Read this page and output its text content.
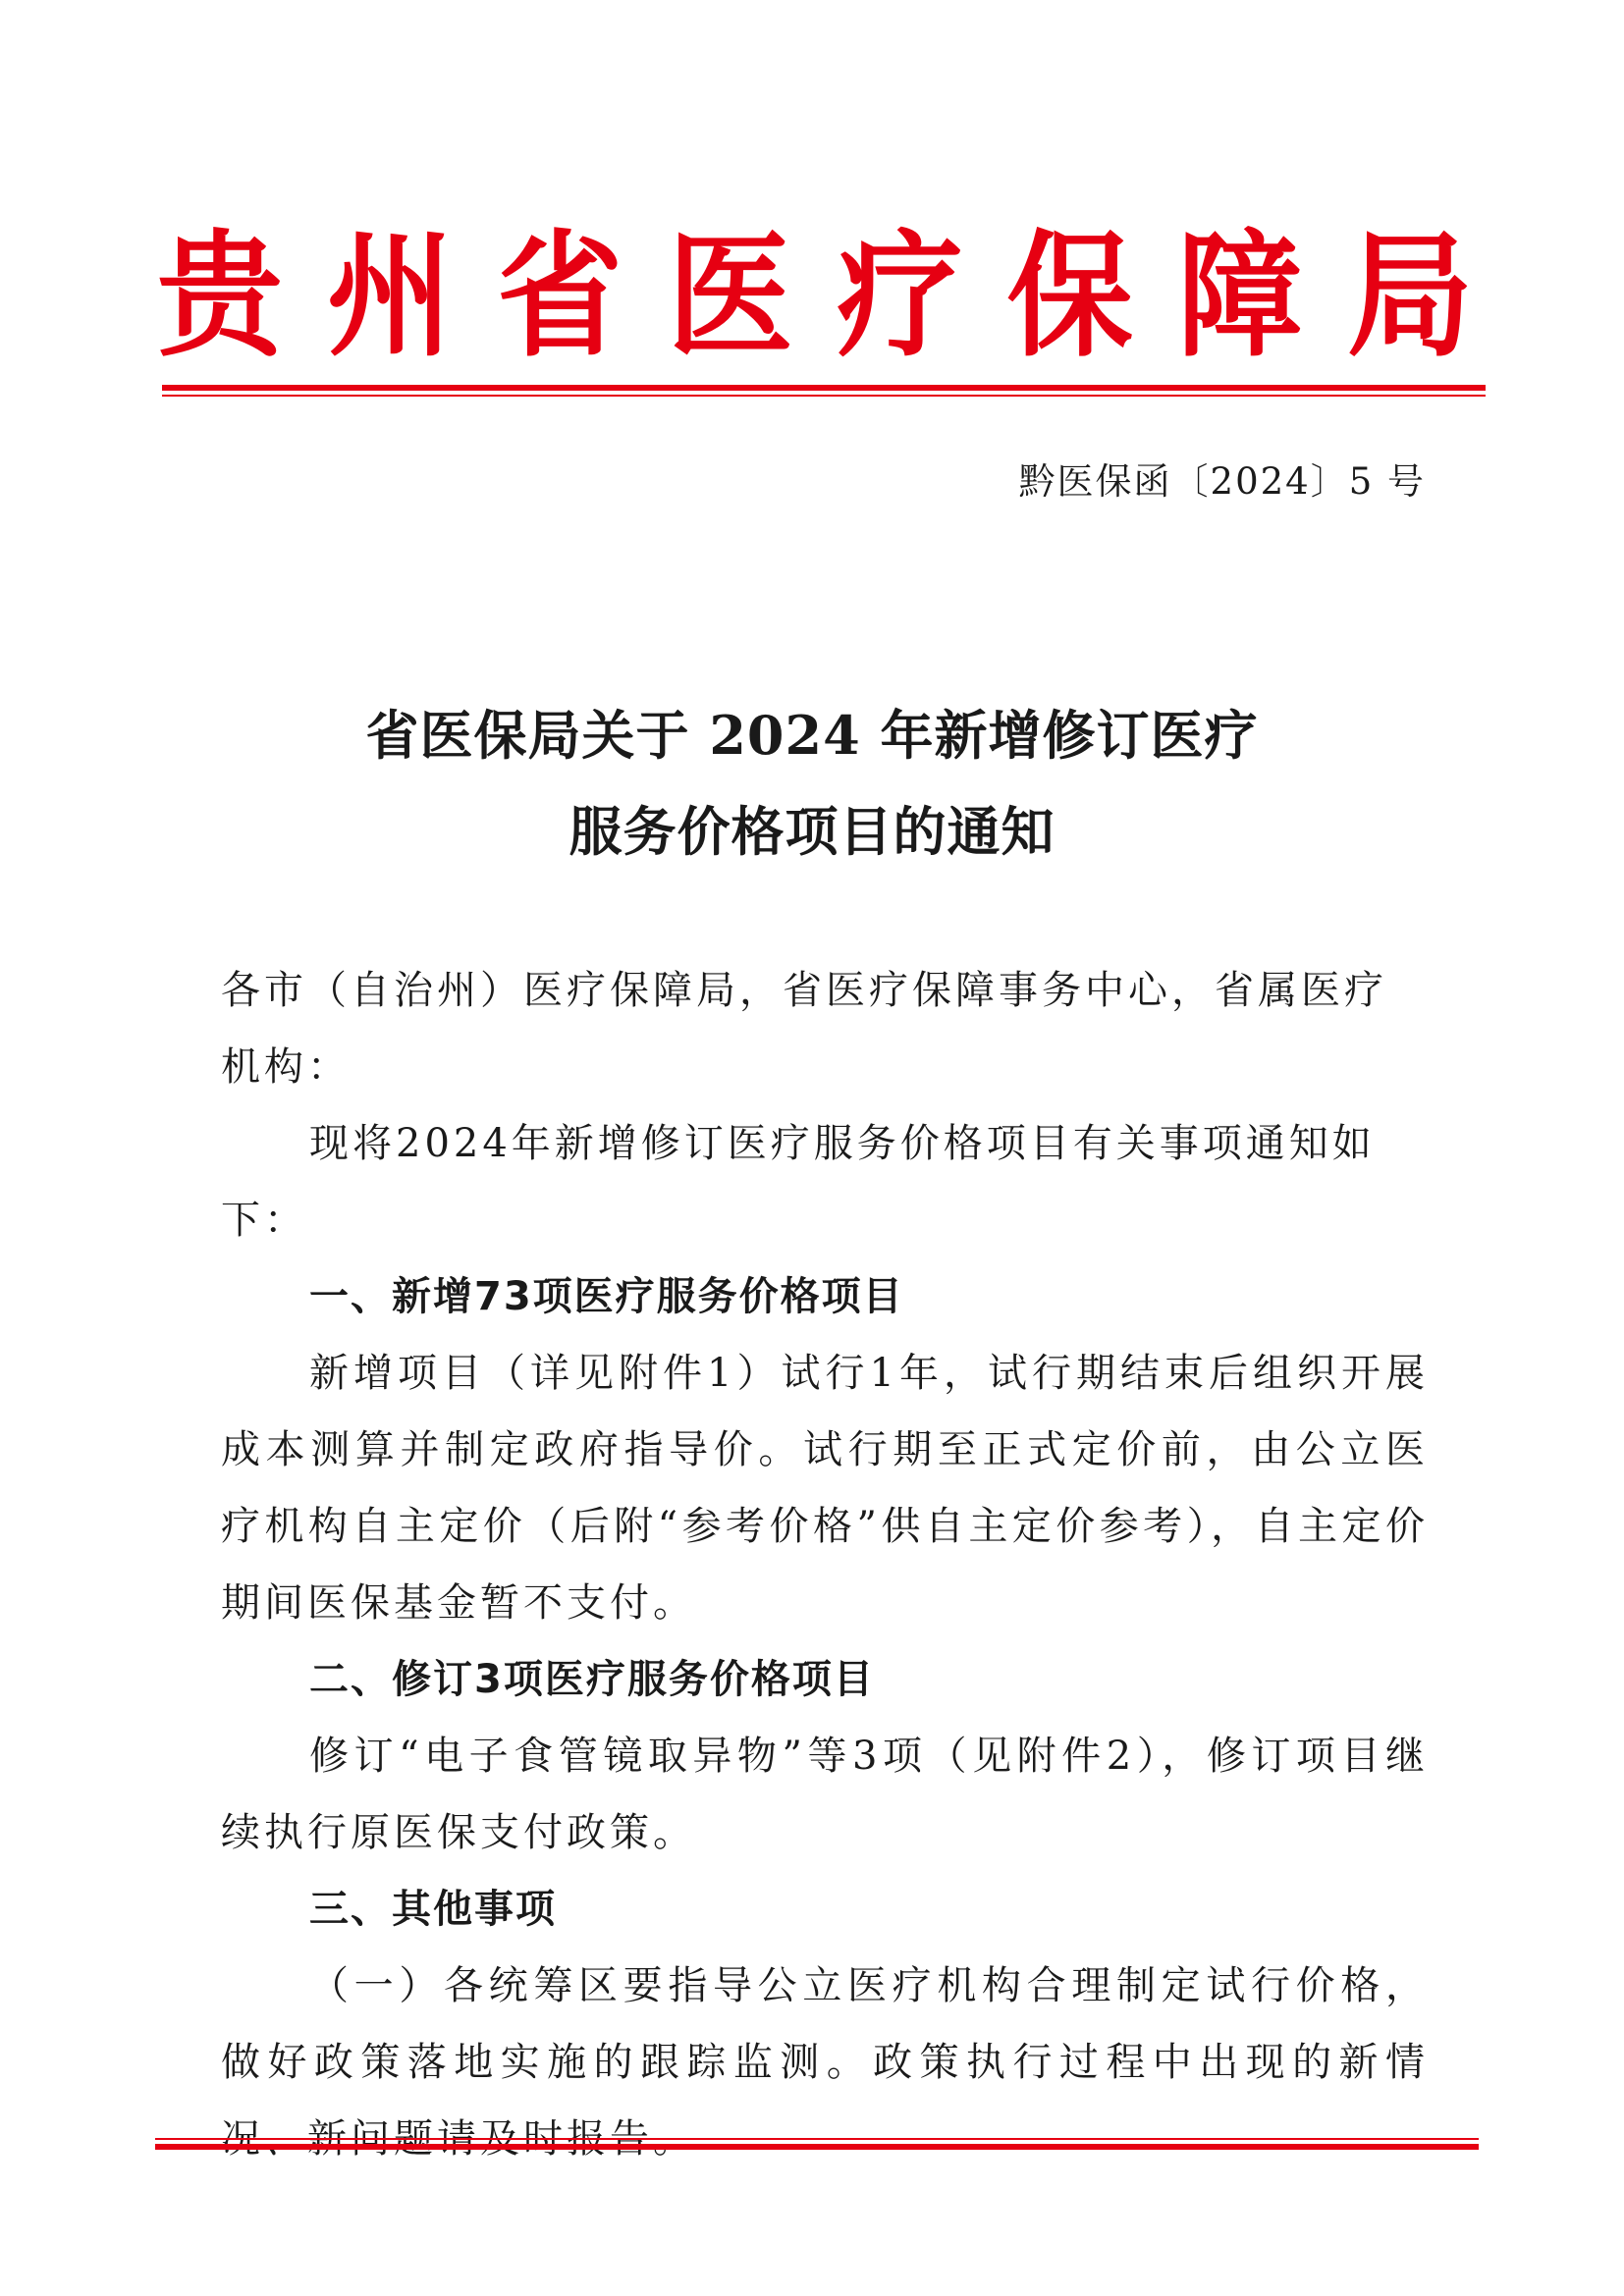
贵 州 省 医 疗 保 障 局
黔医保函〔2024〕5 号
省医保局关于 2024 年新增修订医疗
服务价格项目的通知

各市（自治州）医疗保障局，省医疗保障事务中心，省属医疗机构：

现将2024年新增修订医疗服务价格项目有关事项通知如下：

一、新增73项医疗服务价格项目

新增项目（详见附件1）试行1年，试行期结束后组织开展成本测算并制定政府指导价。试行期至正式定价前，由公立医疗机构自主定价（后附“参考价格”供自主定价参考），自主定价期间医保基金暂不支付。

二、修订3项医疗服务价格项目

修订“电子食管镜取异物”等3项（见附件2），修订项目继续执行原医保支付政策。

三、其他事项

（一）各统筹区要指导公立医疗机构合理制定试行价格，做好政策落地实施的跟踪监测。政策执行过程中出现的新情
